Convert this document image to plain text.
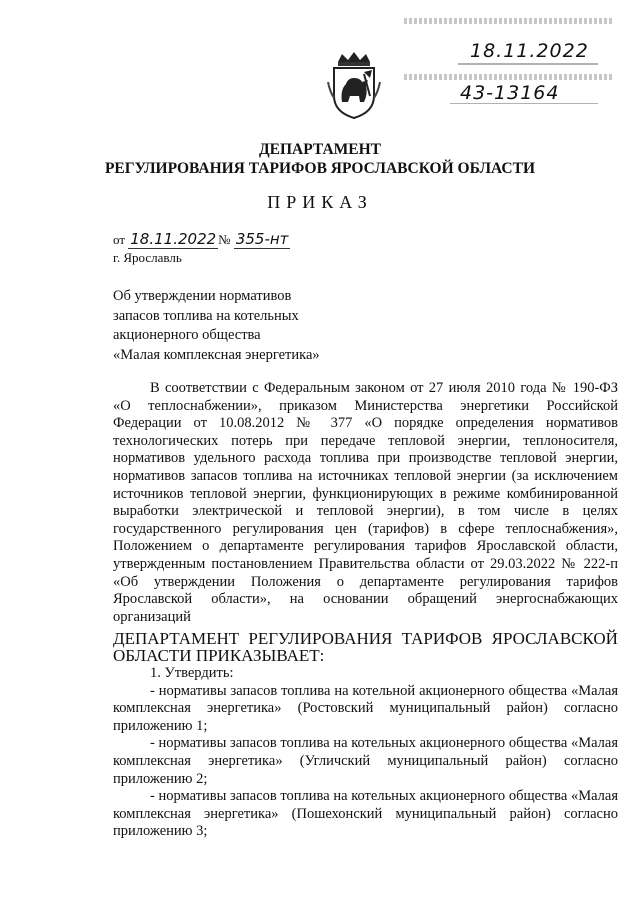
18.11.2022
43-13164
ДЕПАРТАМЕНТ
РЕГУЛИРОВАНИЯ ТАРИФОВ ЯРОСЛАВСКОЙ ОБЛАСТИ
ПРИКАЗ
от 18.11.2022 № 355-нт
г. Ярославль
Об утверждении нормативов
запасов топлива на котельных
акционерного общества
«Малая комплексная энергетика»

В соответствии с Федеральным законом от 27 июля 2010 года № 190-ФЗ «О теплоснабжении», приказом Министерства энергетики Российской Федерации от 10.08.2012 № 377 «О порядке определения нормативов технологических потерь при передаче тепловой энергии, теплоносителя, нормативов удельного расхода топлива при производстве тепловой энергии, нормативов запасов топлива на источниках тепловой энергии (за исключением источников тепловой энергии, функционирующих в режиме комбинированной выработки электрической и тепловой энергии), в том числе в целях государственного регулирования цен (тарифов) в сфере теплоснабжения», Положением о департаменте регулирования тарифов Ярославской области, утвержденным постановлением Правительства области от 29.03.2022 № 222-п «Об утверждении Положения о департаменте регулирования тарифов Ярославской области», на основании обращений энергоснабжающих организаций

ДЕПАРТАМЕНТ РЕГУЛИРОВАНИЯ ТАРИФОВ ЯРОСЛАВСКОЙ
ОБЛАСТИ ПРИКАЗЫВАЕТ:

1. Утвердить:

- нормативы запасов топлива на котельной акционерного общества «Малая комплексная энергетика» (Ростовский муниципальный район) согласно приложению 1;

- нормативы запасов топлива на котельных акционерного общества «Малая комплексная энергетика» (Угличский муниципальный район) согласно приложению 2;

- нормативы запасов топлива на котельных акционерного общества «Малая комплексная энергетика» (Пошехонский муниципальный район) согласно приложению 3;
